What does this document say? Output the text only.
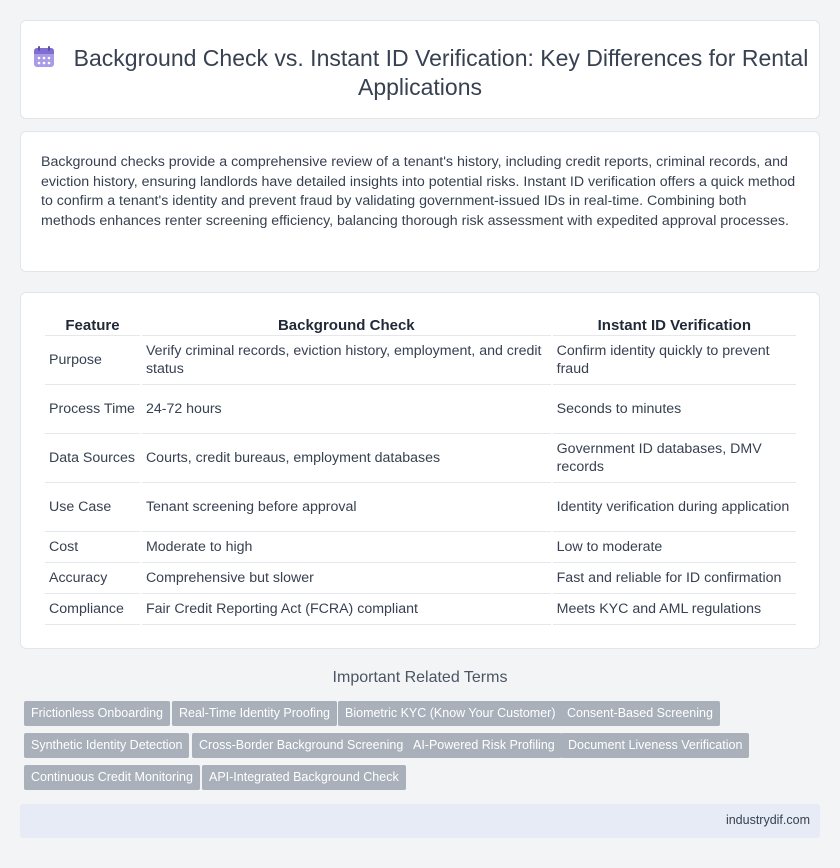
Background Check vs. Instant ID Verification: Key Differences for Rental Applications

Background checks provide a comprehensive review of a tenant's history, including credit reports, criminal records, and eviction history, ensuring landlords have detailed insights into potential risks. Instant ID verification offers a quick method to confirm a tenant's identity and prevent fraud by validating government-issued IDs in real-time. Combining both methods enhances renter screening efficiency, balancing thorough risk assessment with expedited approval processes.

Feature	Background Check	Instant ID Verification
Purpose	Verify criminal records, eviction history, employment, and credit status	Confirm identity quickly to prevent fraud
Process Time	24-72 hours	Seconds to minutes
Data Sources	Courts, credit bureaus, employment databases	Government ID databases, DMV records
Use Case	Tenant screening before approval	Identity verification during application
Cost	Moderate to high	Low to moderate
Accuracy	Comprehensive but slower	Fast and reliable for ID confirmation
Compliance	Fair Credit Reporting Act (FCRA) compliant	Meets KYC and AML regulations
Important Related Terms
Frictionless Onboarding	Real-Time Identity Proofing	Biometric KYC (Know Your Customer) Consent-Based Screening
Synthetic Identity Detection	Cross-Border Background Screening AI-Powered Risk Profiling	Document Liveness Verification
Continuous Credit Monitoring	API-Integrated Background Check
industrydif.com
